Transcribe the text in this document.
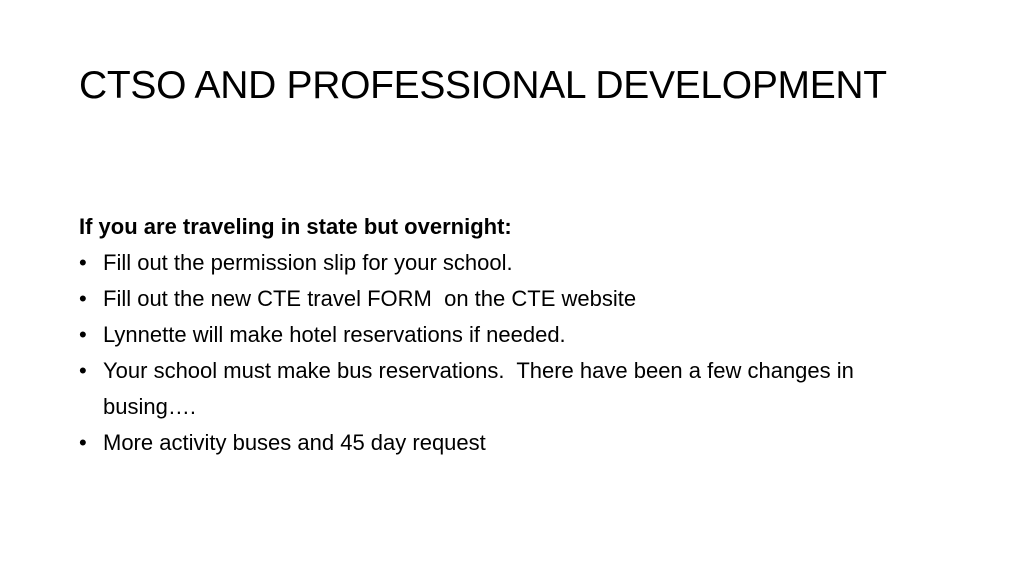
CTSO AND PROFESSIONAL DEVELOPMENT

If you are traveling in state but overnight:

• Fill out the permission slip for your school.
• Fill out the new CTE travel FORM  on the CTE website
• Lynnette will make hotel reservations if needed.
• Your school must make bus reservations.  There have been a few changes in busing….
• More activity buses and 45 day request
